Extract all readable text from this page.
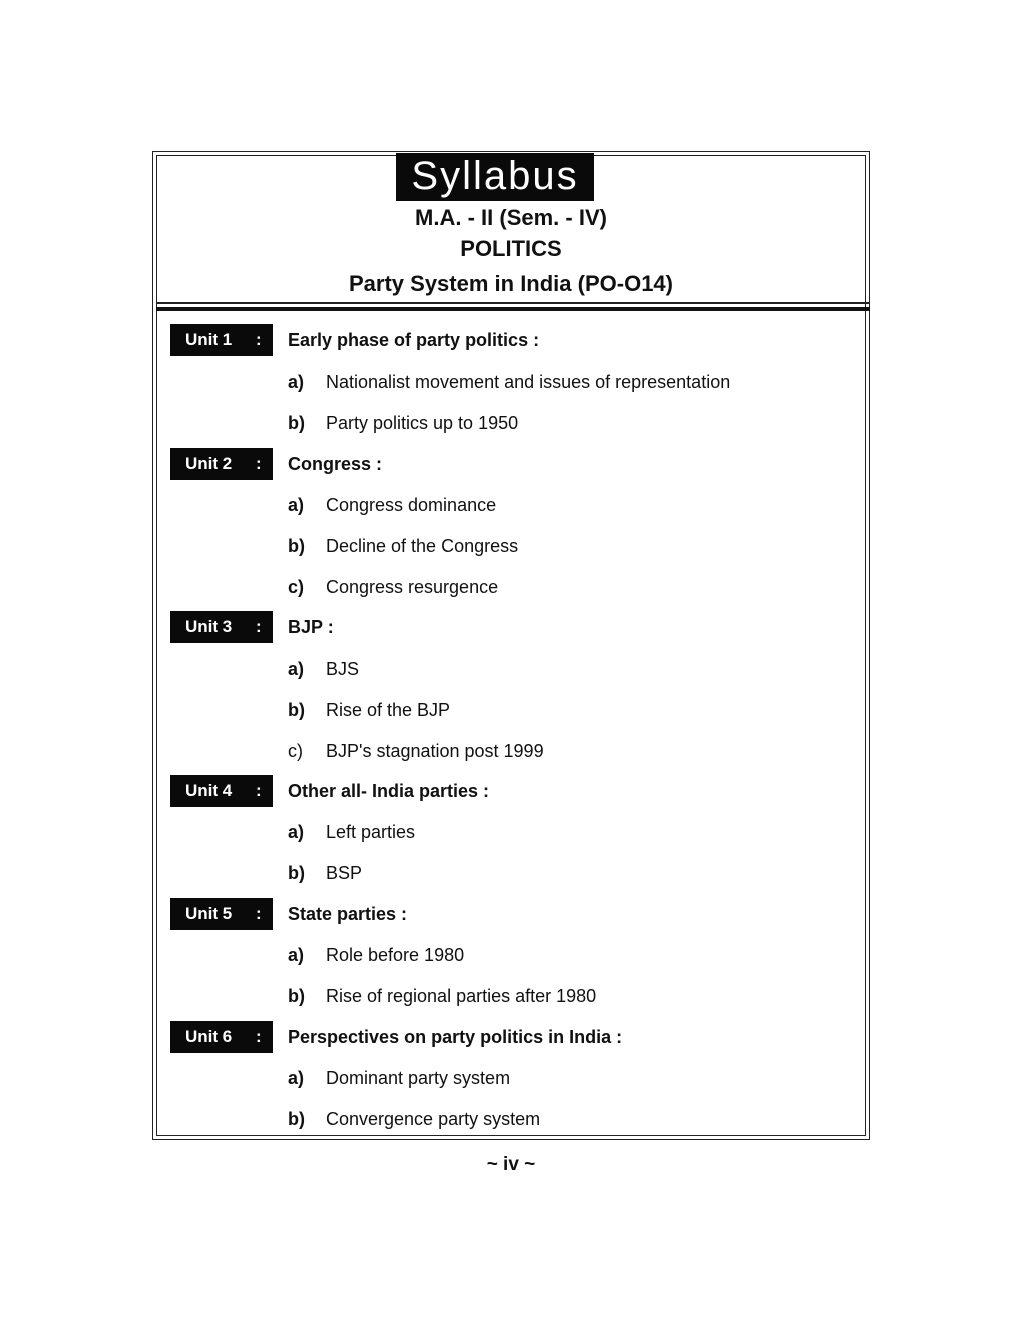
Syllabus
M.A. - II (Sem. - IV)
POLITICS
Party System in India (PO-O14)
Unit 1 : Early phase of party politics :
a) Nationalist movement and issues of representation
b) Party politics up to 1950
Unit 2 : Congress :
a) Congress dominance
b) Decline of the Congress
c) Congress resurgence
Unit 3 : BJP :
a) BJS
b) Rise of the BJP
c) BJP's stagnation post 1999
Unit 4 : Other all- India parties :
a) Left parties
b) BSP
Unit 5 : State parties :
a) Role before 1980
b) Rise of regional parties after 1980
Unit 6 : Perspectives on party politics in India :
a) Dominant party system
b) Convergence party system
~ iv ~
